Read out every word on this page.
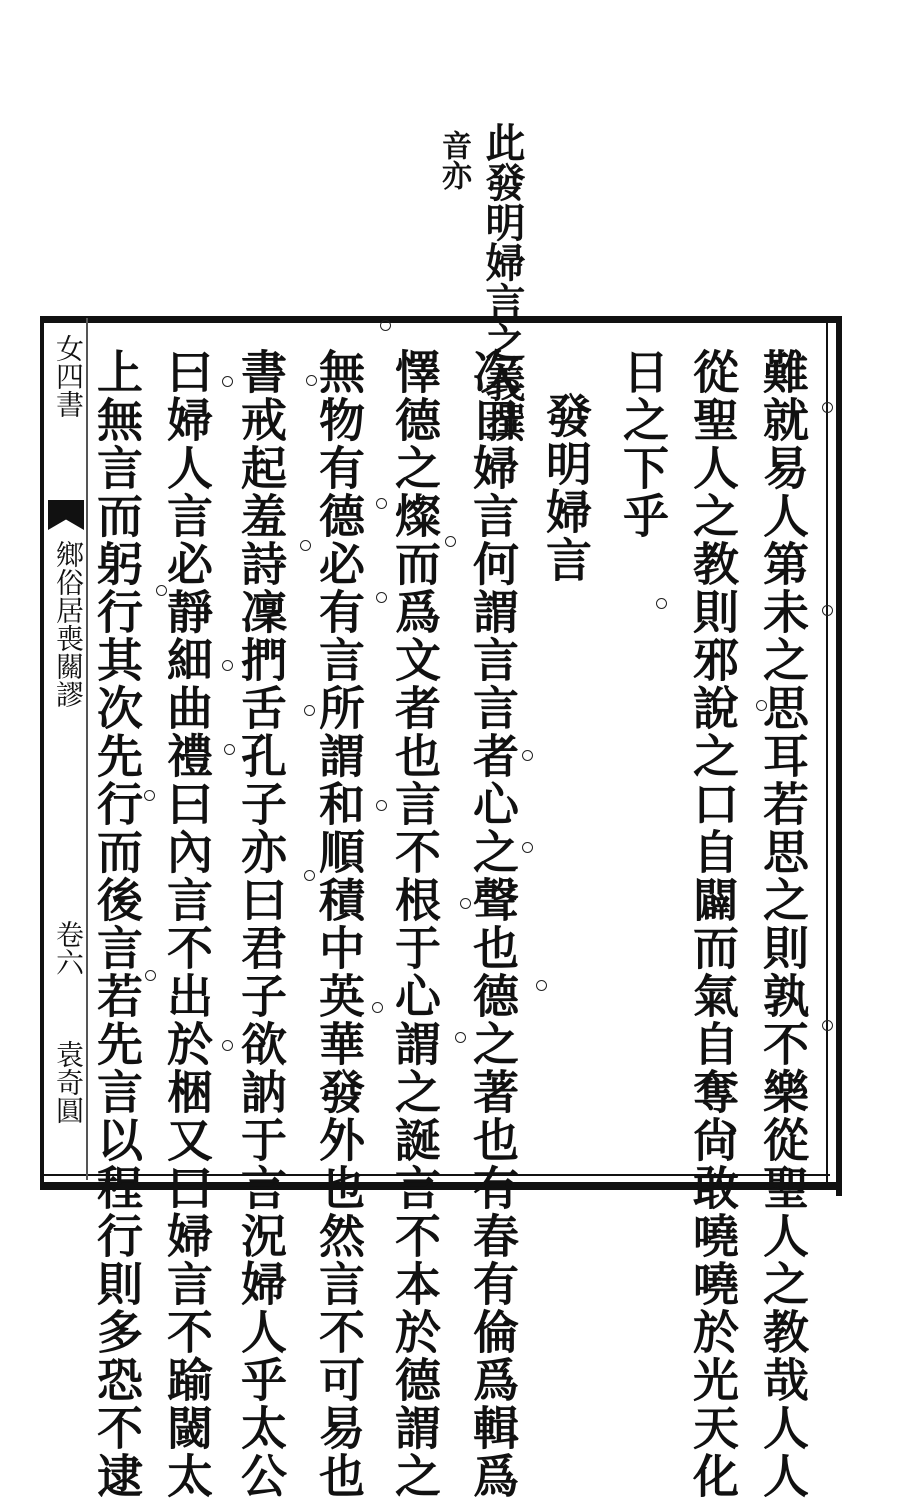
此發明婦言之義撰
音亦
難就易人第未之思耳若思之則孰不樂從聖人之教哉人人
從聖人之教則邪說之口自闢而氣自奪尙敢嘵嘵於光天化
日之下乎
發明婦言
次曰婦言何謂言言者心之聲也德之著也有春有倫爲輯爲
懌德之燦而爲文者也言不根于心謂之誕言不本於德謂之
無物有德必有言所謂和順積中英華發外也然言不可易也
書戒起羞詩凜捫舌孔子亦曰君子欲訥于言況婦人乎太公
曰婦人言必靜細曲禮曰內言不出於梱又曰婦言不踰閾太
上無言而躬行其次先行而後言若先言以程行則多恐不逮
女四書
鄉俗居喪關謬
卷六
袁奇圓
